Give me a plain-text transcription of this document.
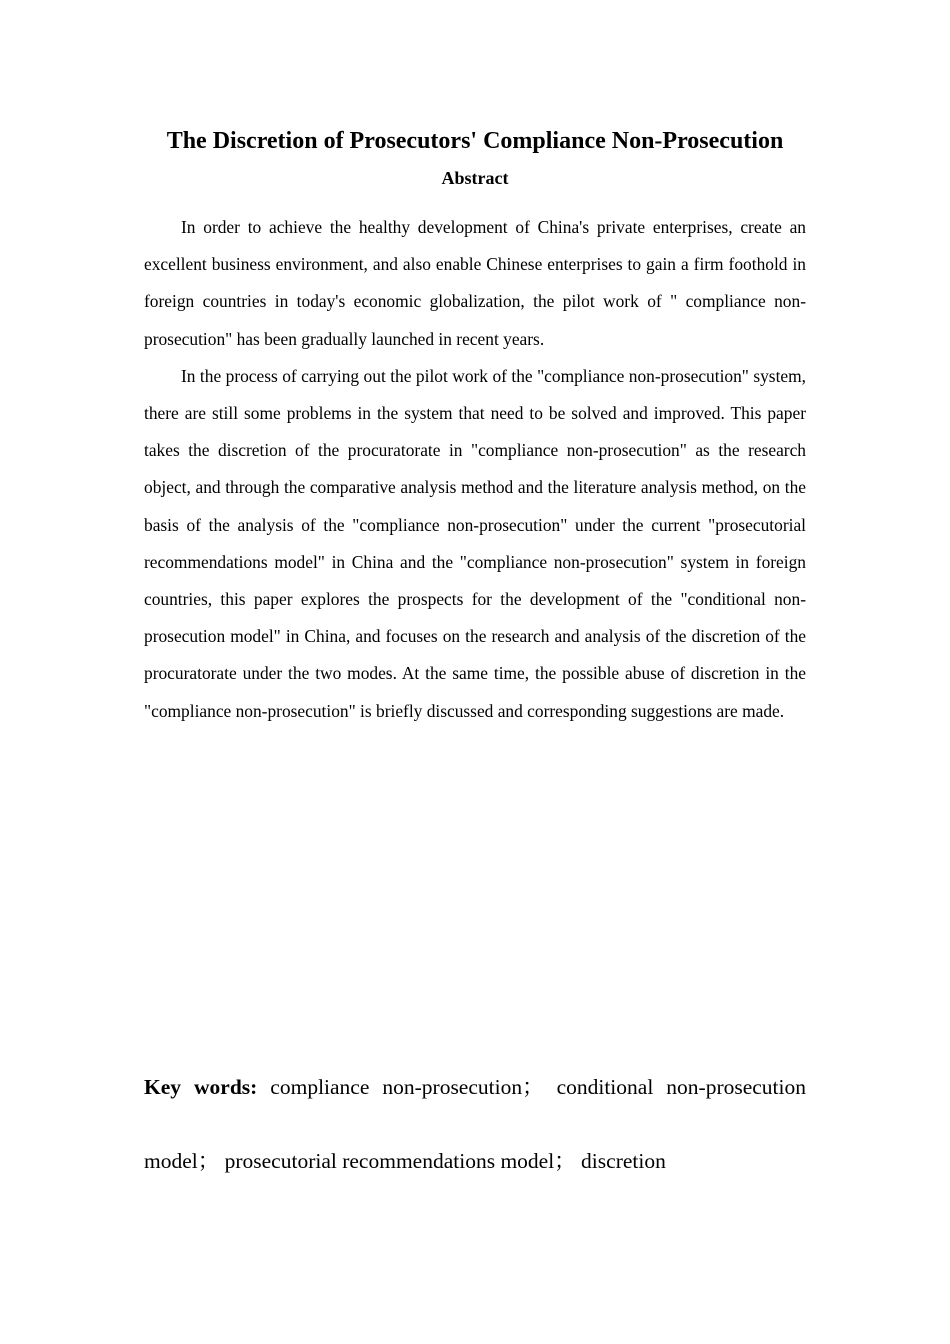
The Discretion of Prosecutors' Compliance Non-Prosecution
Abstract

In order to achieve the healthy development of China's private enterprises, create an excellent business environment, and also enable Chinese enterprises to gain a firm foothold in foreign countries in today's economic globalization, the pilot work of " compliance non-prosecution" has been gradually launched in recent years.

In the process of carrying out the pilot work of the "compliance non-prosecution" system, there are still some problems in the system that need to be solved and improved. This paper takes the discretion of the procuratorate in "compliance non-prosecution" as the research object, and through the comparative analysis method and the literature analysis method, on the basis of the analysis of the "compliance non-prosecution" under the current "prosecutorial recommendations model" in China and the "compliance non-prosecution" system in foreign countries, this paper explores the prospects for the development of the "conditional non-prosecution model" in China, and focuses on the research and analysis of the discretion of the procuratorate under the two modes. At the same time, the possible abuse of discretion in the "compliance non-prosecution" is briefly discussed and corresponding suggestions are made.

Key words: compliance non-prosecution； conditional non-prosecution model； prosecutorial recommendations model； discretion
